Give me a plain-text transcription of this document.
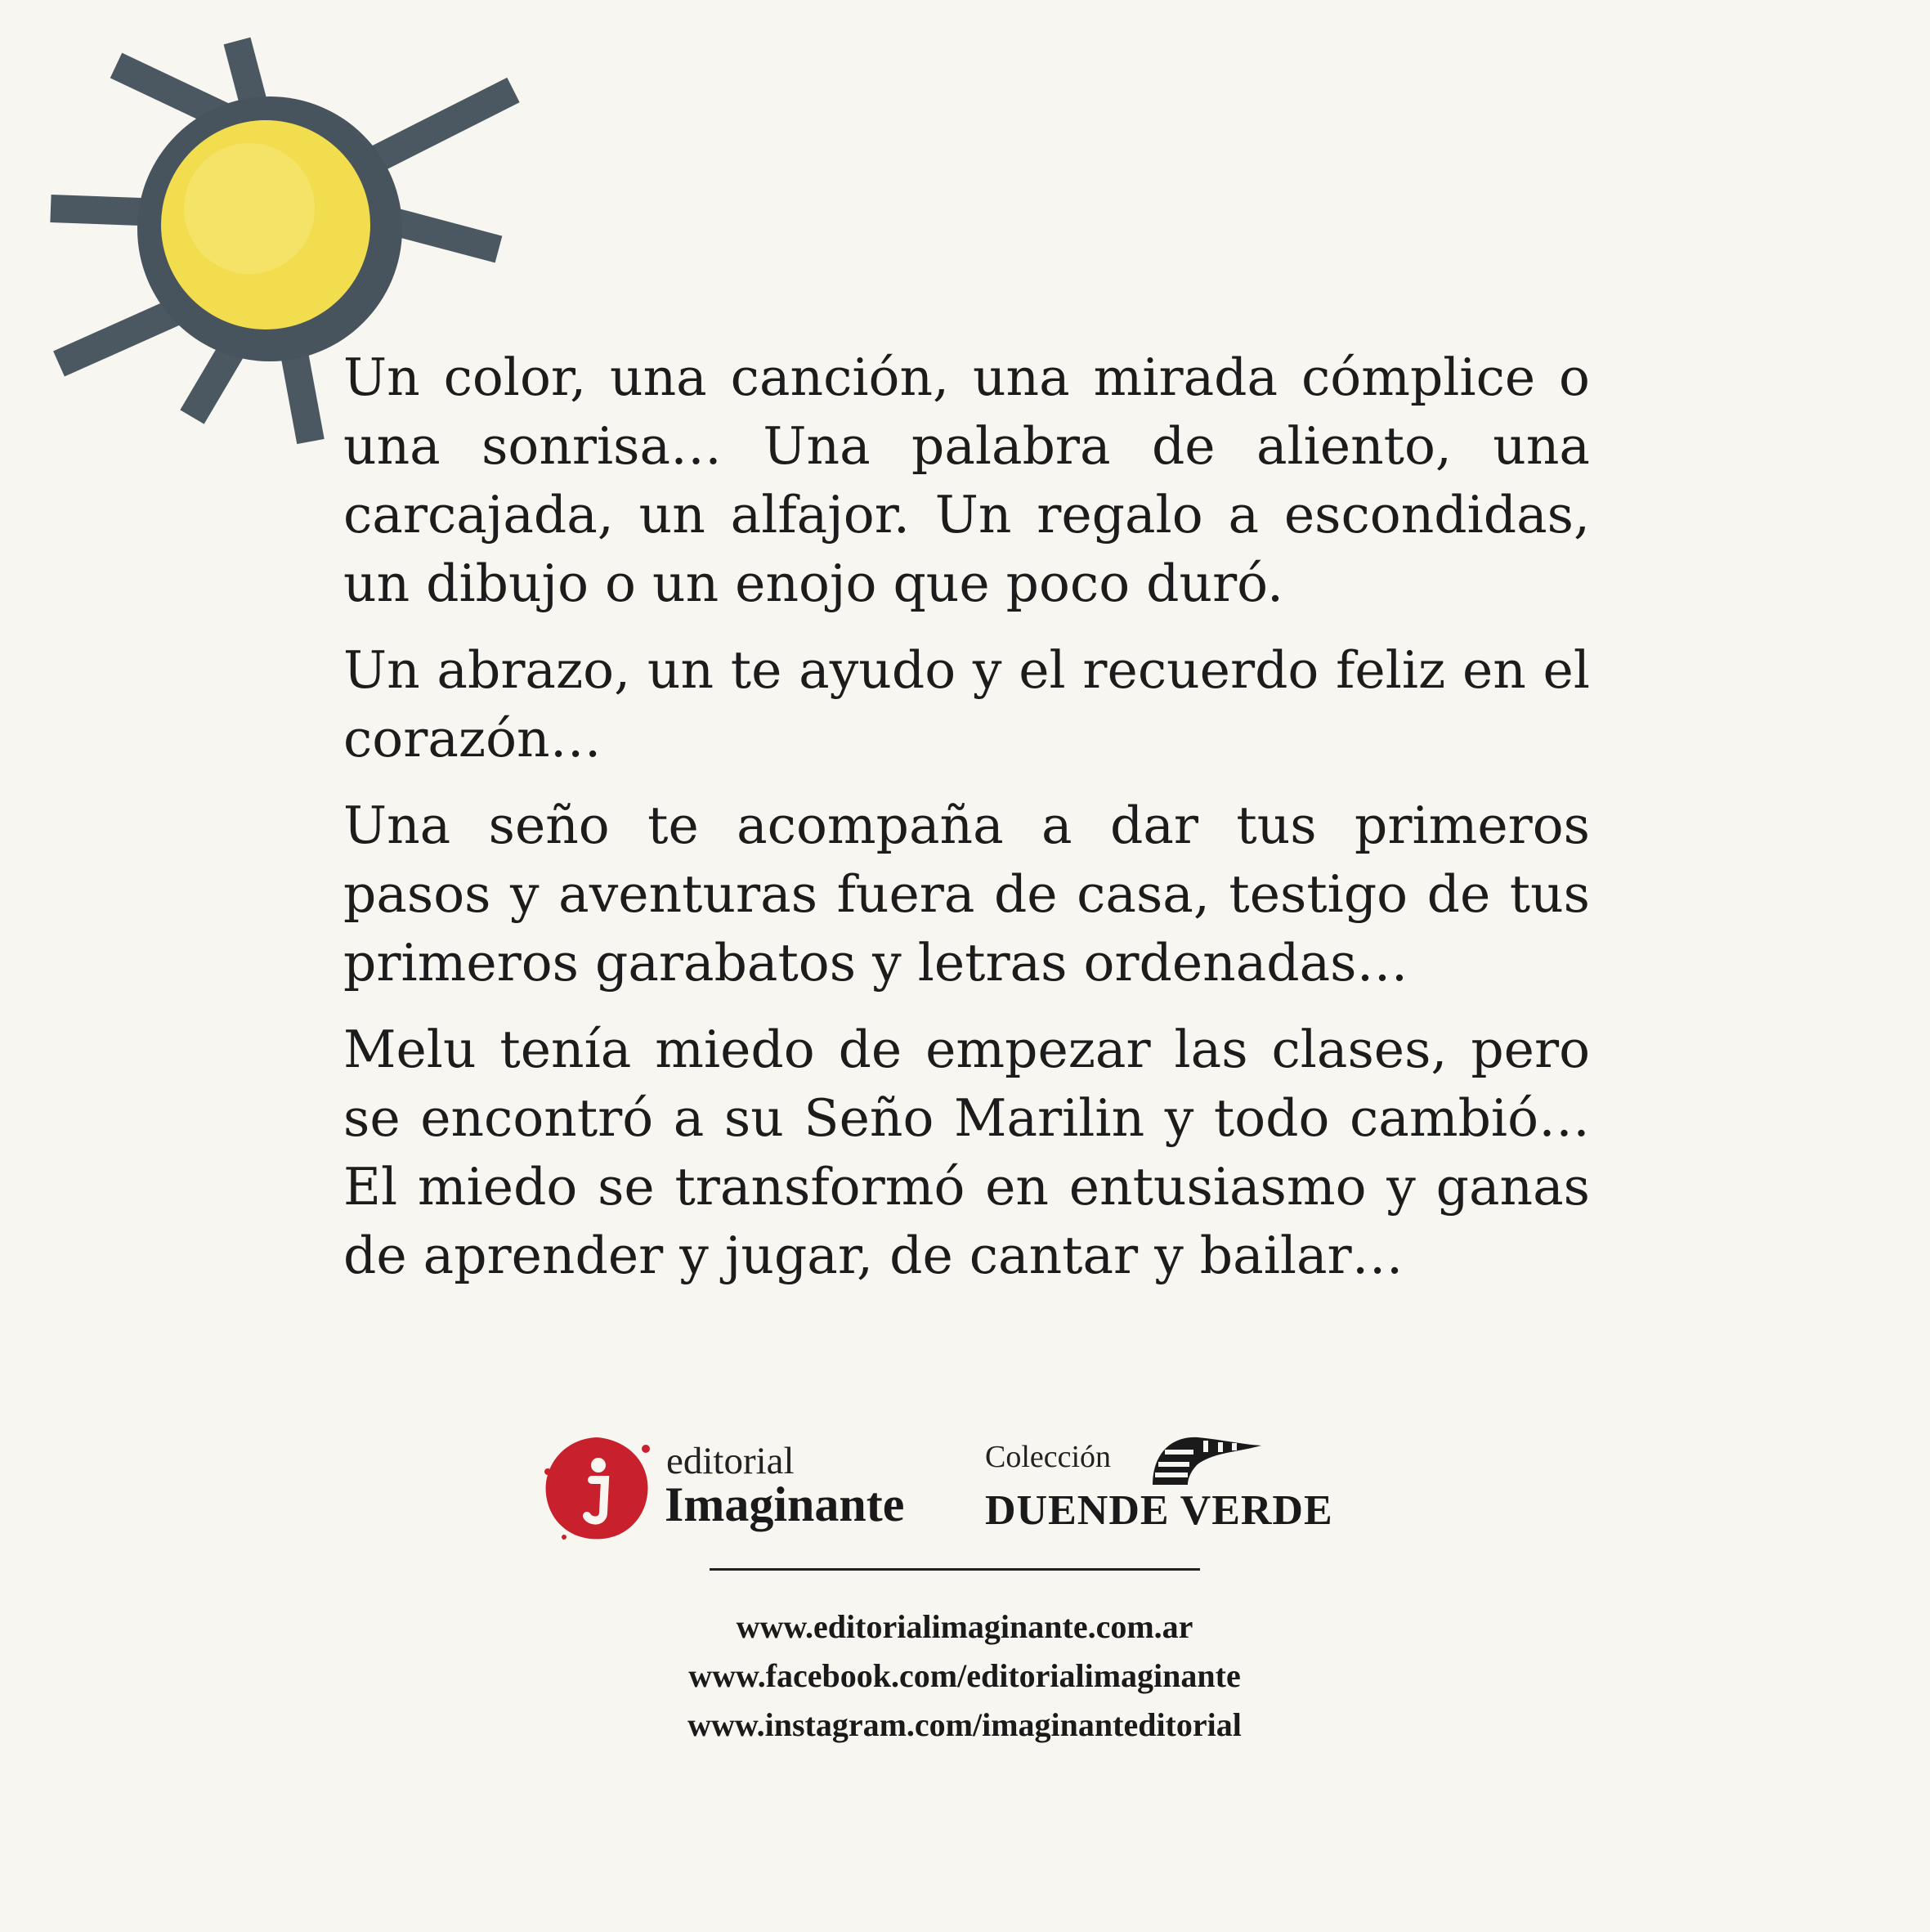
Un color, una canción, una mirada cómplice o una sonrisa… Una palabra de aliento, una carcajada, un alfajor. Un regalo a escondidas, un dibujo o un enojo que poco duró.

Un abrazo, un te ayudo y el recuerdo feliz en el corazón…

Una seño te acompaña a dar tus primeros pasos y aventuras fuera de casa, testigo de tus primeros garabatos y letras ordenadas…

Melu tenía miedo de empezar las clases, pero se encontró a su Seño Marilin y todo cambió… El miedo se transformó en entusiasmo y ganas de aprender y jugar, de cantar y bailar…

editorial
Imaginante
Colección
DUENDE VERDE
www.editorialimaginante.com.ar
www.facebook.com/editorialimaginante
www.instagram.com/imaginanteditorial
